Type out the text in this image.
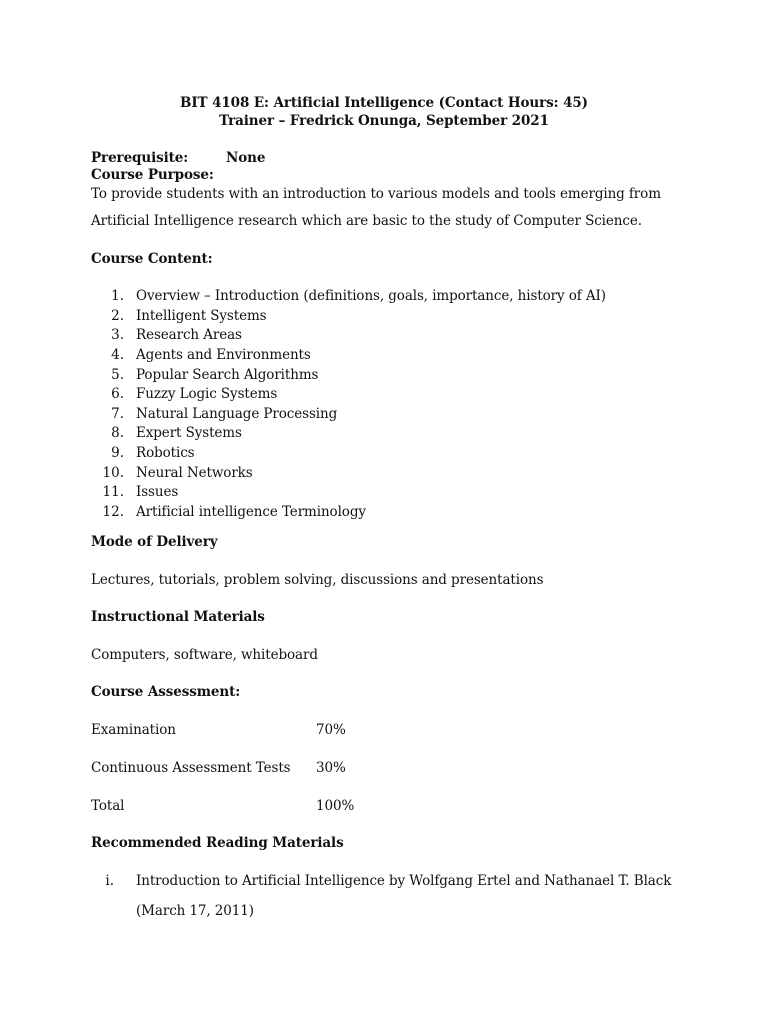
BIT 4108 E: Artificial Intelligence (Contact Hours: 45)
Trainer – Fredrick Onunga, September 2021
Prerequisite:	None
Course Purpose:
To provide students with an introduction to various models and tools emerging from
Artificial Intelligence research which are basic to the study of Computer Science.
Course Content:
1. Overview – Introduction (definitions, goals, importance, history of AI)
2. Intelligent Systems
3. Research Areas
4. Agents and Environments
5. Popular Search Algorithms
6. Fuzzy Logic Systems
7. Natural Language Processing
8. Expert Systems
9. Robotics
10. Neural Networks
11. Issues
12. Artificial intelligence Terminology
Mode of Delivery
Lectures, tutorials, problem solving, discussions and presentations
Instructional Materials
Computers, software, whiteboard
Course Assessment:
Examination	70%
Continuous Assessment Tests 30%
Total	100%
Recommended Reading Materials
i. Introduction to Artificial Intelligence by Wolfgang Ertel and Nathanael T. Black
(March 17, 2011)
